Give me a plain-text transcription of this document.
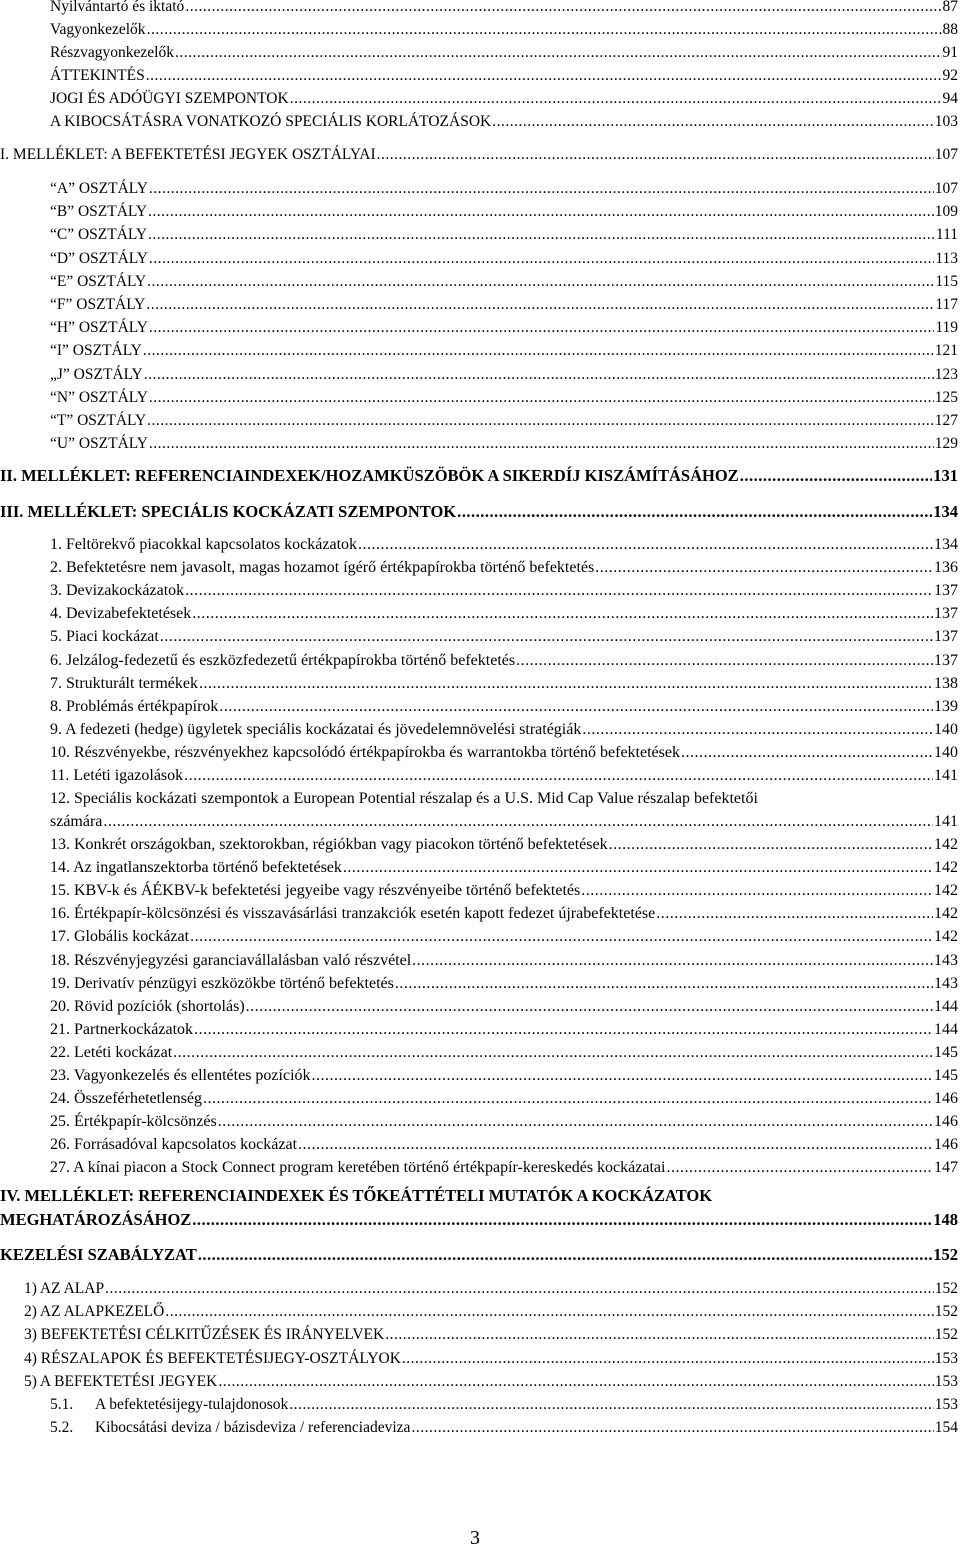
Nyilvántartó és iktató .....	87
Vagyonkezelők .....	88
Részvagyonkezelők .....	91
ÁTTEKINTÉS .....	92
JOGI ÉS ADÓÜGYI SZEMPONTOK .....	94
A KIBOCSÁTÁSRA VONATKOZÓ SPECIÁLIS KORLÁTOZÁSOK .....	103
I. MELLÉKLET: A BEFEKTETÉSI JEGYEK OSZTÁLYAI .....	107
“A” OSZTÁLY .....	107
“B” OSZTÁLY .....	109
“C” OSZTÁLY .....	111
“D” OSZTÁLY .....	113
“E” OSZTÁLY .....	115
“F” OSZTÁLY .....	117
“H” OSZTÁLY .....	119
“I” OSZTÁLY .....	121
„J” OSZTÁLY .....	123
“N” OSZTÁLY .....	125
“T” OSZTÁLY .....	127
“U” OSZTÁLY .....	129
II. MELLÉKLET: REFERENCIAINDEXEK/HOZAMKÜSZÖBÖK A SIKERDÍJ KISZÁMÍTÁSÁHOZ .....	131
III. MELLÉKLET: SPECIÁLIS KOCKÁZATI SZEMPONTOK .....	134
1. Feltörekvő piacokkal kapcsolatos kockázatok .....	134
2. Befektetésre nem javasolt, magas hozamot ígérő értékpapírokba történő befektetés .....	136
3. Devizakockázatok .....	137
4. Devizabefektetések .....	137
5. Piaci kockázat .....	137
6. Jelzálog-fedezetű és eszközfedezetű értékpapírokba történő befektetés .....	137
7. Strukturált termékek .....	138
8. Problémás értékpapírok .....	139
9. A fedezeti (hedge) ügyletek speciális kockázatai és jövedelemnövelési stratégiák .....	140
10. Részvényekbe, részvényekhez kapcsolódó értékpapírokba és warrantokba történő befektetések .....	140
11. Letéti igazolások .....	141
12. Speciális kockázati szempontok a European Potential részalap és a U.S. Mid Cap Value részalap befektetői
számára .....	141
13. Konkrét országokban, szektorokban, régiókban vagy piacokon történő befektetések .....	142
14. Az ingatlanszektorba történő befektetések .....	142
15. KBV-k és ÁÉKBV-k befektetési jegyeibe vagy részvényeibe történő befektetés .....	142
16. Értékpapír-kölcsönzési és visszavásárlási tranzakciók esetén kapott fedezet újrabefektetése .....	142
17. Globális kockázat .....	142
18. Részvényjegyzési garanciavállalásban való részvétel .....	143
19. Derivatív pénzügyi eszközökbe történő befektetés .....	143
20. Rövid pozíciók (shortolás) .....	144
21. Partnerkockázatok .....	144
22. Letéti kockázat .....	145
23. Vagyonkezelés és ellentétes pozíciók .....	145
24. Összeférhetetlenség .....	146
25. Értékpapír-kölcsönzés .....	146
26. Forrásadóval kapcsolatos kockázat .....	146
27. A kínai piacon a Stock Connect program keretében történő értékpapír-kereskedés kockázatai .....	147
IV. MELLÉKLET: REFERENCIAINDEXEK ÉS TŐKEÁTTÉTELI MUTATÓK A KOCKÁZATOK
MEGHATÁROZÁSÁHOZ .....	148
KEZELÉSI SZABÁLYZAT .....	152
1) AZ ALAP .....	152
2) AZ ALAPKEZELŐ .....	152
3) BEFEKTETÉSI CÉLKITŰZÉSEK ÉS IRÁNYELVEK .....	152
4) RÉSZALAPOK ÉS BEFEKTETÉSIJEGY-OSZTÁLYOK .....	153
5) A BEFEKTETÉSI JEGYEK .....	153
5.1.	A befektetésijegy-tulajdonosok .....	153
5.2.	Kibocsátási deviza / bázisdeviza / referenciadeviza .....	154
3
